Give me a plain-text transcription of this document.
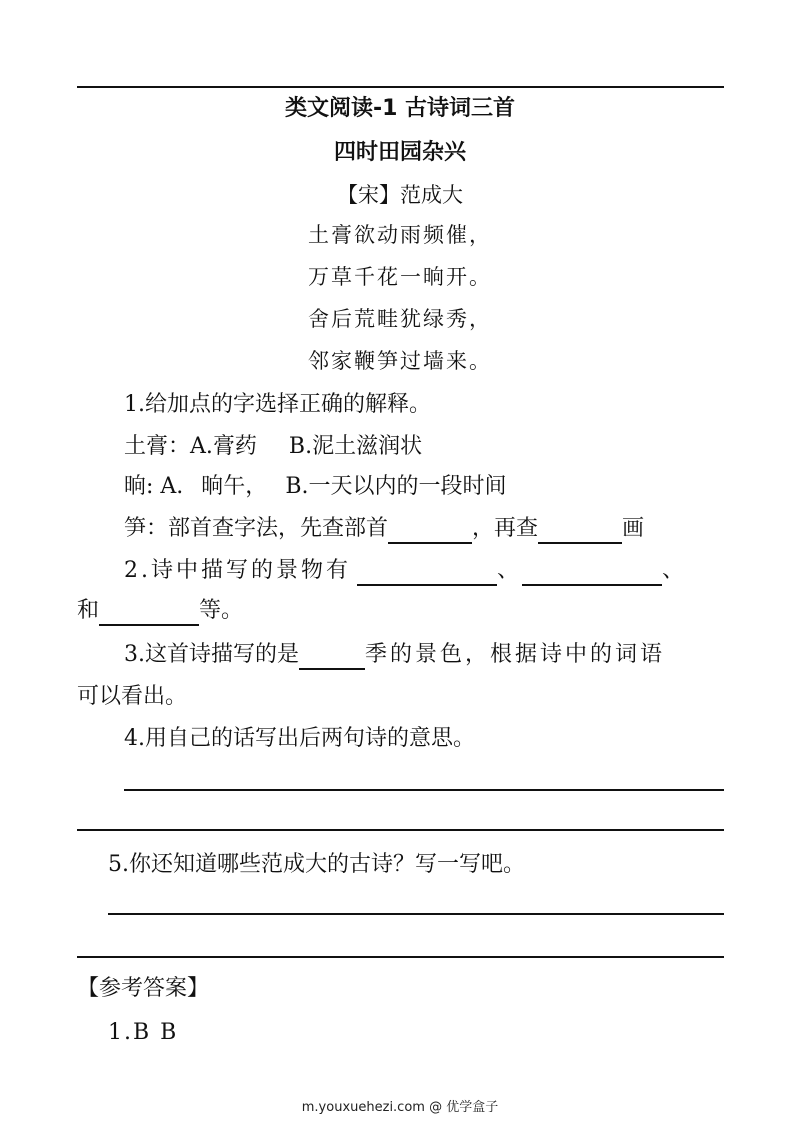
类文阅读-1 古诗词三首
四时田园杂兴
【宋】范成大
土膏欲动雨频催，
万草千花一晌开。
舍后荒畦犹绿秀，
邻家鞭笋过墙来。
1.给加点的字选择正确的解释。
土膏：A.膏药 B.泥土滋润状
晌: A. 晌午， B.一天以内的一段时间
笋：部首查字法，先查部首	，再查	画
2.诗中描写的景物有	、	、
和	等。
3.这首诗描写的是	季的景色，根据诗中的词语
可以看出。
4.用自己的话写出后两句诗的意思。
5.你还知道哪些范成大的古诗？写一写吧。
【参考答案】
1.B B
m.youxuehezi.com @ 优学盒子
